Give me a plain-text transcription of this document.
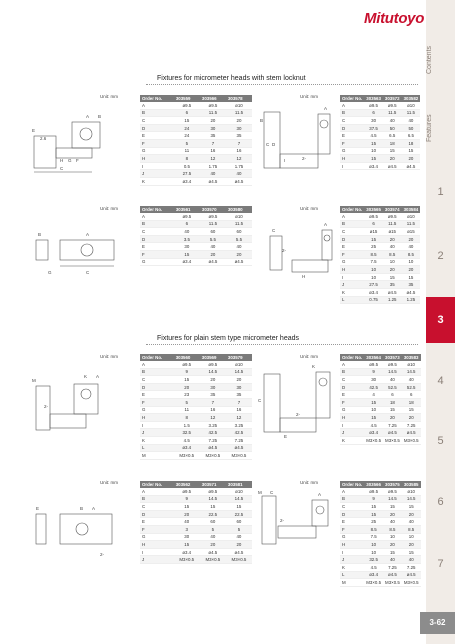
Contents
Features
1
2
4
5
6
7
3
Mitutoyo
Fixtures for micrometer heads with stem locknut
Unit: mm
2.6
A B
H G F
C
E
Order No.	303559	303566	303578
A	ø9.5	ø9.5	ø10
B	6	11.5	11.5
C	15	20	20
D	24	30	30
E	24	35	35
F	5	7	7
G	11	16	16
H	8	12	12
I	0.5	1.75	1.75
J	27.5	40	40
K	ø3.4	ø4.5	ø4.5
Unit: mm
B
A
C D
I	2-
Order No.	303563	303572	303582
A	ø9.5	ø9.5	ø10
B	6	11.5	11.5
C	30	40	40
D	37.5	50	50
E	4.5	6.5	6.5
F	15	18	18
G	10	15	15
H	15	20	20
I	ø3.4	ø4.5	ø4.5
Unit: mm
B	A
C
G
Order No.	303561	303570	303580
A	ø9.5	ø9.5	ø10
B	6	11.5	11.5
C	40	60	60
D	3.5	5.5	5.5
E	30	40	40
F	15	20	20
G	ø3.4	ø4.5	ø4.5
Unit: mm
C
2-
A
H
Order No.	303565	303574	303584
A	ø9.5	ø9.5	ø10
B	6	11.5	11.5
C	ø15	ø15	ø15
D	15	20	20
E	25	40	40
F	8.5	8.5	8.5
G	7.5	10	10
H	10	20	20
I	10	15	15
J	27.5	35	35
K	ø3.4	ø4.5	ø4.5
L	0.75	1.25	1.25
Fixtures for plain stem type micrometer heads
Unit: mm
M
K A
2-
Order No.	303560	303569	303579
A	ø9.5	ø9.5	ø10
B	9	14.5	14.5
C	15	20	20
D	20	30	30
E	23	35	35
F	5	7	7
G	11	16	16
H	8	12	12
I	1.5	3.25	3.25
J	32.5	42.5	42.5
K	4.5	7.25	7.25
L	ø3.4	ø4.5	ø4.5
M	M3×0.5	M3×0.5	M3×0.5
Unit: mm
C
K
2-
E
Order No.	303564	303573	303583
A	ø9.5	ø9.5	ø10
B	9	14.5	14.5
C	30	40	40
D	42.5	52.5	52.5
E	4	6	6
F	15	18	18
G	10	15	15
H	15	20	20
I	4.5	7.25	7.25
J	ø3.4	ø4.5	ø4.5
K	M3×0.5	M3×0.5	M3×0.5
Unit: mm
E	B A
2-
Order No.	303562	303571	303581
A	ø9.5	ø9.5	ø10
B	9	14.5	14.5
C	15	15	15
D	20	22.5	22.5
E	40	60	60
F	3	5	5
G	30	40	40
H	15	20	20
I	ø3.4	ø4.5	ø4.5
J	M3×0.5	M3×0.5	M3×0.5
Unit: mm
M C
2-
A
Order No.	303566	303575	303585
A	ø9.5	ø9.5	ø10
B	9	14.5	14.5
C	15	15	15
D	15	20	20
E	25	40	40
F	8.5	8.5	8.5
G	7.5	10	10
H	10	20	20
I	10	15	15
J	32.5	40	40
K	4.5	7.25	7.25
L	ø3.4	ø4.5	ø4.5
M	M3×0.5	M3×0.5	M3×0.5
3-62
